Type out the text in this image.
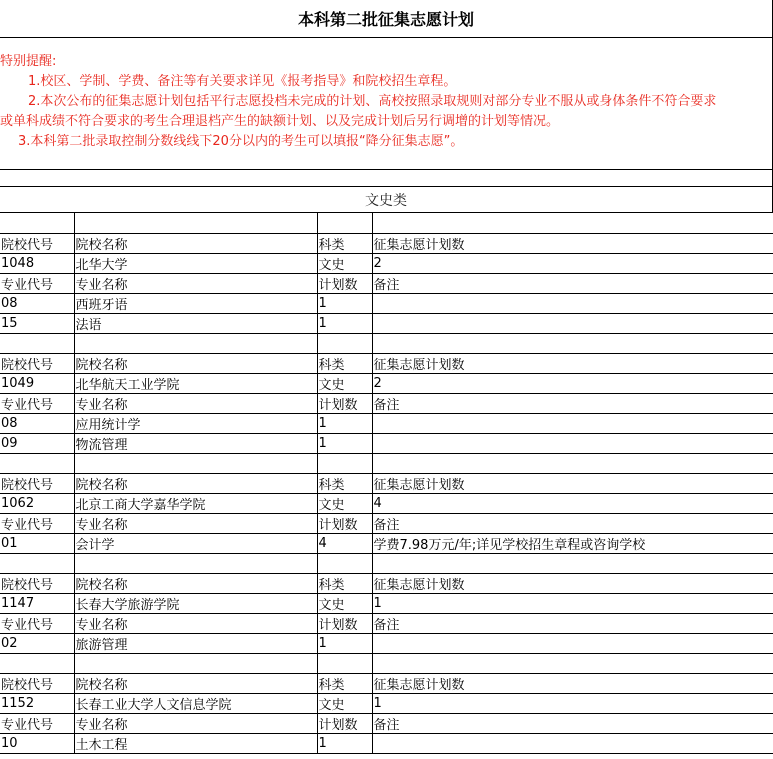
本科第二批征集志愿计划
特别提醒:
1.校区、学制、学费、备注等有关要求详见《报考指导》和院校招生章程。
2.本次公布的征集志愿计划包括平行志愿投档未完成的计划、高校按照录取规则对部分专业不服从或身体条件不符合要求
或单科成绩不符合要求的考生合理退档产生的缺额计划、以及完成计划后另行调增的计划等情况。
3.本科第二批录取控制分数线线下20分以内的考生可以填报“降分征集志愿”。
文史类

院校代号	院校名称	科类	征集志愿计划数
1048	北华大学	文史	2
专业代号	专业名称	计划数	备注
08	西班牙语	1	
15	法语	1	

院校代号	院校名称	科类	征集志愿计划数
1049	北华航天工业学院	文史	2
专业代号	专业名称	计划数	备注
08	应用统计学	1	
09	物流管理	1	

院校代号	院校名称	科类	征集志愿计划数
1062	北京工商大学嘉华学院	文史	4
专业代号	专业名称	计划数	备注
01	会计学	4	学费7.98万元/年;详见学校招生章程或咨询学校

院校代号	院校名称	科类	征集志愿计划数
1147	长春大学旅游学院	文史	1
专业代号	专业名称	计划数	备注
02	旅游管理	1	

院校代号	院校名称	科类	征集志愿计划数
1152	长春工业大学人文信息学院	文史	1
专业代号	专业名称	计划数	备注
10	土木工程	1	
